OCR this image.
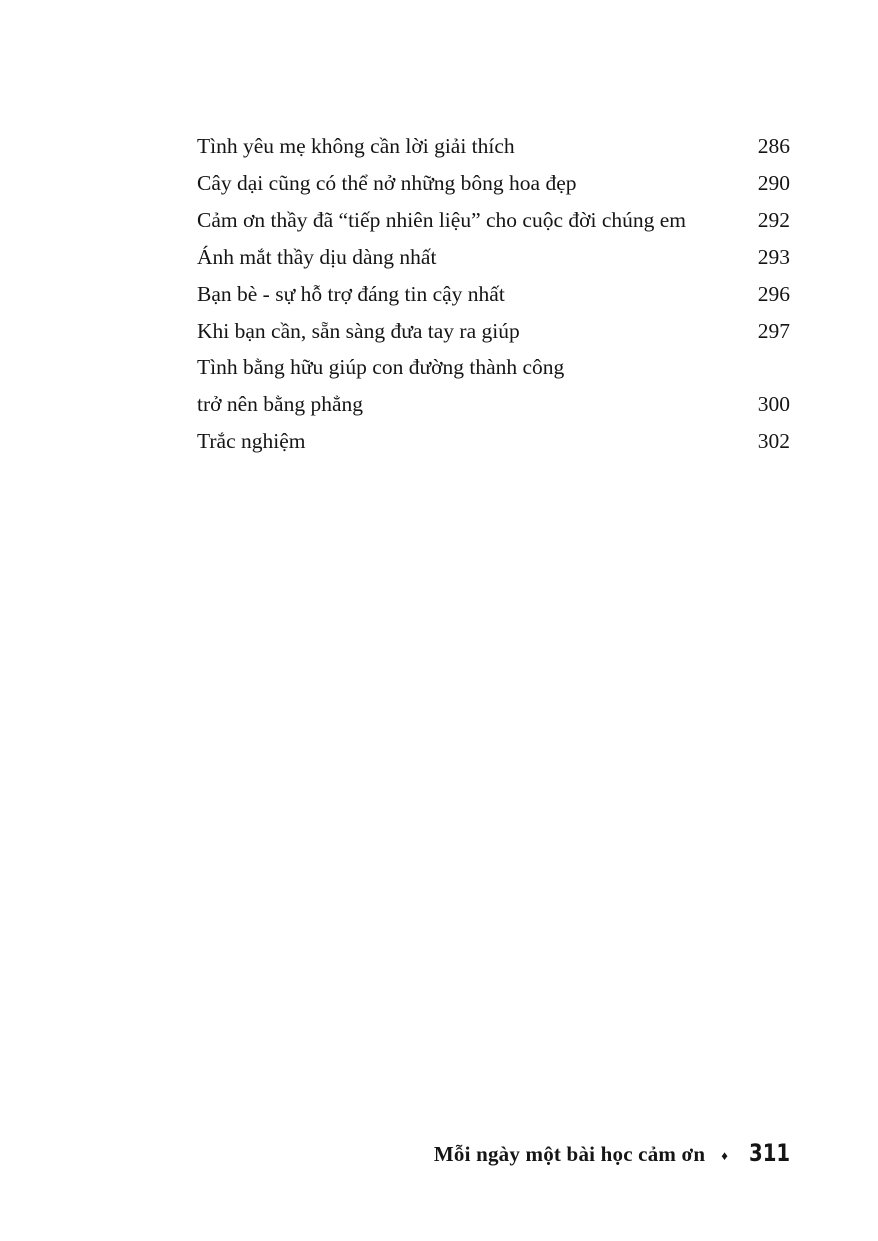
Tình yêu mẹ không cần lời giải thích	286
Cây dại cũng có thể nở những bông hoa đẹp	290
Cảm ơn thầy đã “tiếp nhiên liệu” cho cuộc đời chúng em	292
Ánh mắt thầy dịu dàng nhất	293
Bạn bè - sự hỗ trợ đáng tin cậy nhất	296
Khi bạn cần, sẵn sàng đưa tay ra giúp	297
Tình bằng hữu giúp con đường thành công
trở nên bằng phẳng	300
Trắc nghiệm	302
Mỗi ngày một bài học cảm ơn ♦ 311
